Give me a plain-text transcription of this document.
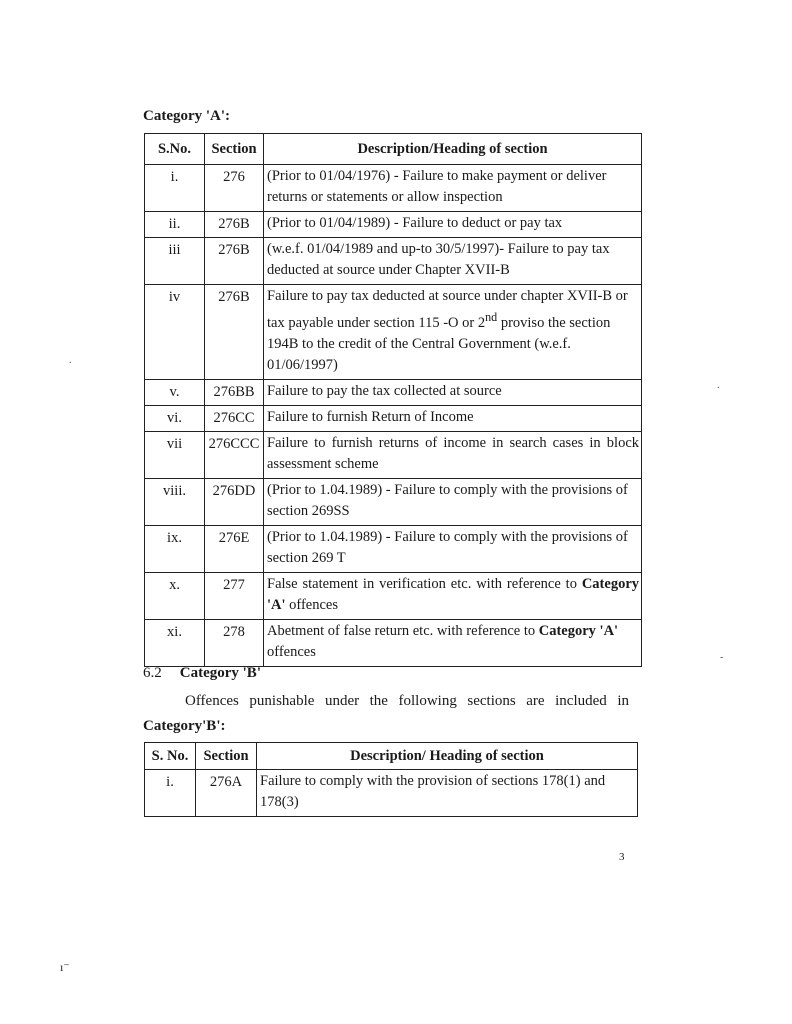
Category 'A':
S.No.	Section	Description/Heading of section
i.	276	(Prior to 01/04/1976) - Failure to make payment or deliver returns or statements or allow inspection
ii.	276B	(Prior to 01/04/1989) - Failure to deduct or pay tax
iii	276B	(w.e.f. 01/04/1989 and up-to 30/5/1997)- Failure to pay tax deducted at source under Chapter XVII-B
iv	276B	Failure to pay tax deducted at source under chapter XVII-B or tax payable under section 115 -O or 2nd proviso the section 194B to the credit of the Central Government (w.e.f. 01/06/1997)
v.	276BB	Failure to pay the tax collected at source
vi.	276CC	Failure to furnish Return of Income
vii	276CCC	Failure to furnish returns of income in search cases in block assessment scheme
viii.	276DD	(Prior to 1.04.1989) - Failure to comply with the provisions of section 269SS
ix.	276E	(Prior to 1.04.1989) - Failure to comply with the provisions of section 269 T
x.	277	False statement in verification etc. with reference to Category 'A' offences
xi.	278	Abetment of false return etc. with reference to Category 'A' offences
6.2 Category 'B'
Offences punishable under the following sections are included in
Category'B':
S. No.	Section	Description/ Heading of section
i.	276A	Failure to comply with the provision of sections 178(1) and 178(3)
3
.
.
-
ı⁻
